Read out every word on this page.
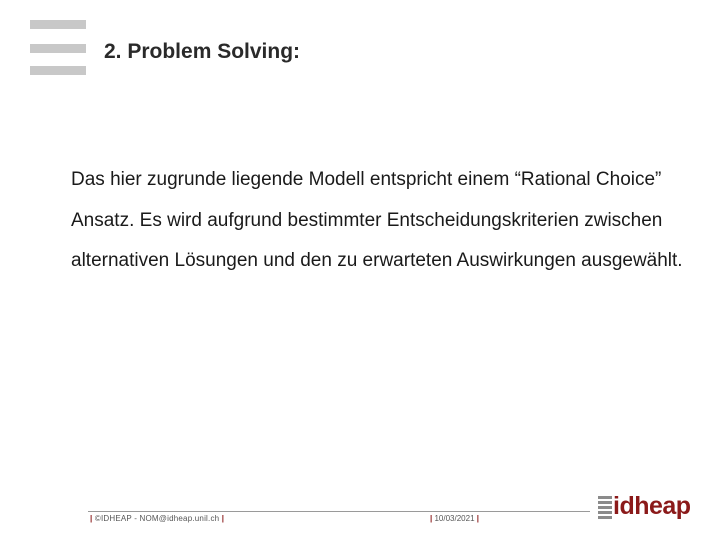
2. Problem Solving:

Das hier zugrunde liegende Modell entspricht einem “Rational Choice” Ansatz. Es wird aufgrund bestimmter Entscheidungskriterien zwischen alternativen Lösungen und den zu erwarteten Auswirkungen ausgewählt.

| ©IDHEAP - NOM@idheap.unil.ch |	| 10/03/2021 |	idheap
